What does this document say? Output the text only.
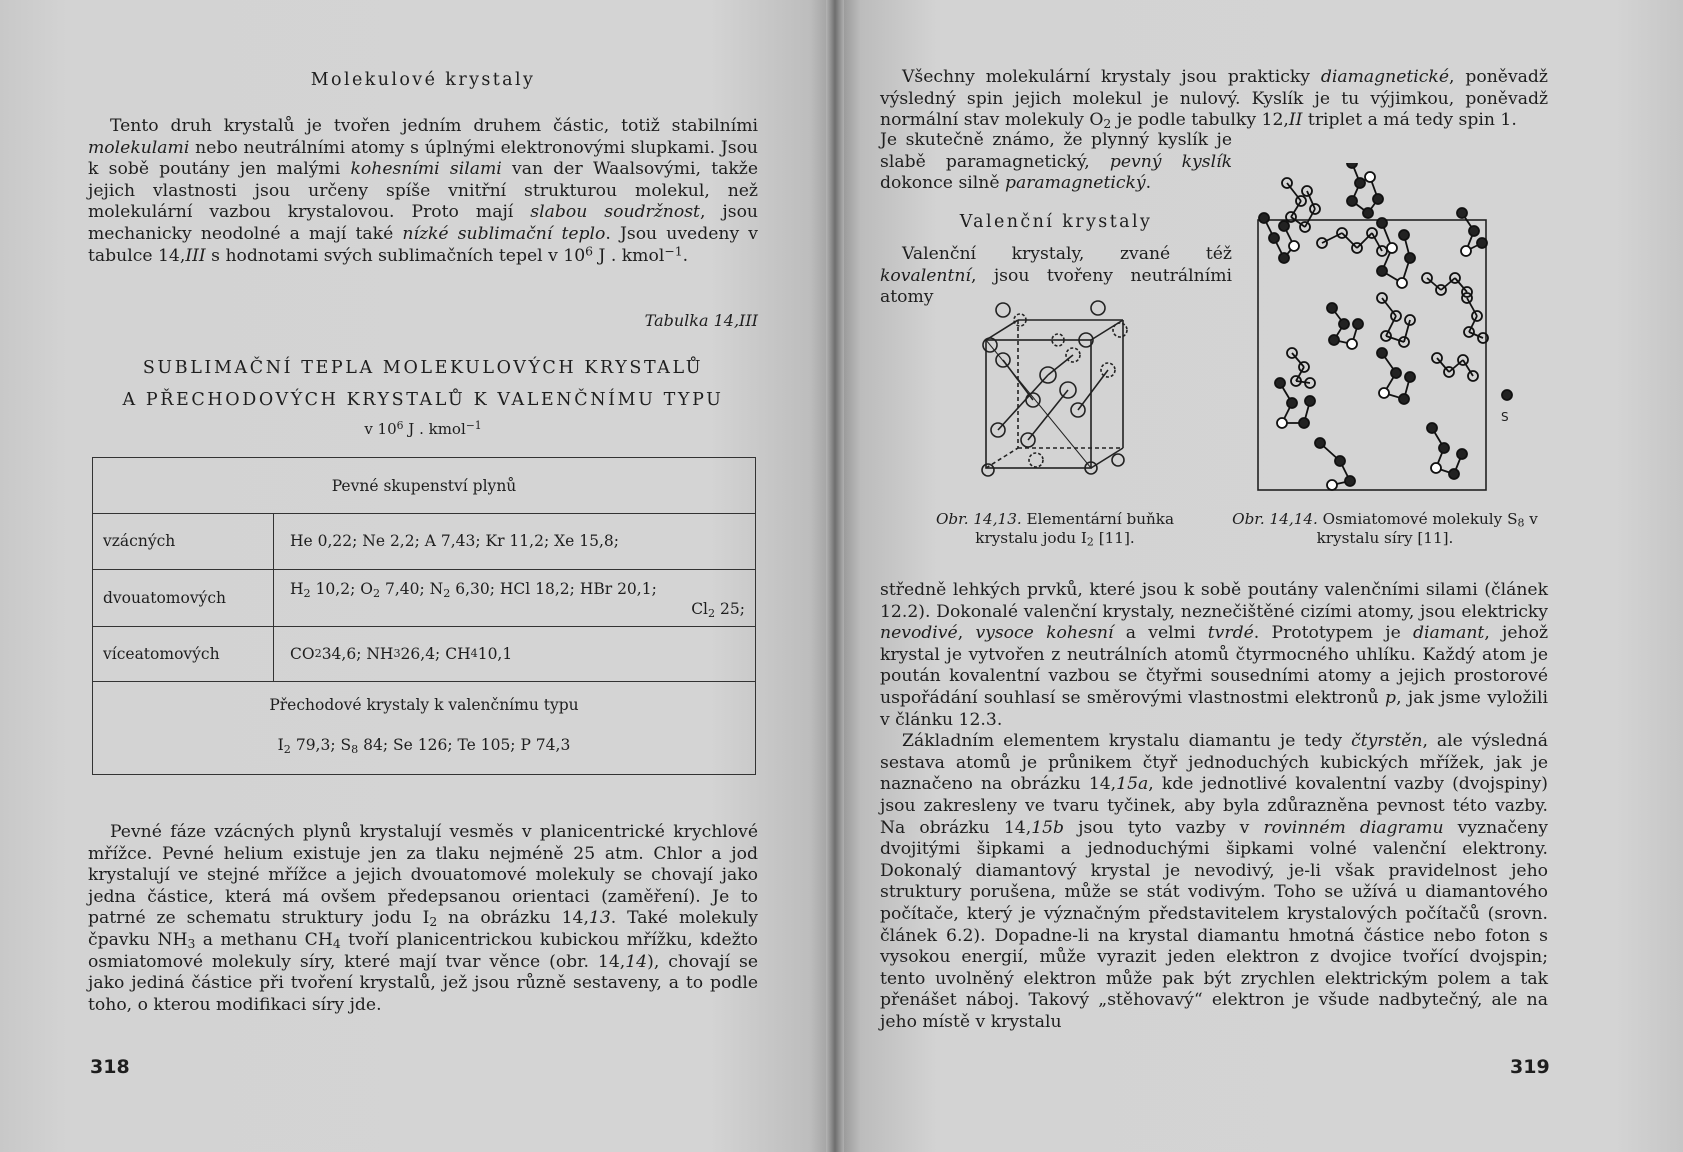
Molekulové krystaly

Tento druh krystalů je tvořen jedním druhem částic, totiž stabilními molekulami nebo neutrálními atomy s úplnými elektronovými slupkami. Jsou k sobě poutány jen malými kohesními silami van der Waalsovými, takže jejich vlastnosti jsou určeny spíše vnitřní strukturou molekul, než molekulární vazbou krystalovou. Proto mají slabou soudržnost, jsou mechanicky neodolné a mají také nízké sublimační teplo. Jsou uvedeny v tabulce 14,III s hodnotami svých sublimačních tepel v $10^6$ J . kmol$^{-1}$.

Tabulka 14,III
SUBLIMAČNÍ TEPLA MOLEKULOVÝCH KRYSTALŮ
A PŘECHODOVÝCH KRYSTALŮ K VALENČNÍMU TYPU
v $10^6$ J . kmol$^{-1}$
Pevné skupenství plynů
vzácných	He 0,22; Ne 2,2; A 7,43; Kr 11,2; Xe 15,8;
dvouatomových	$H_2$ 10,2; $O_2$ 7,40; $N_2$ 6,30; HCl 18,2; HBr 20,1;
$Cl_2$ 25;
víceatomových	CO 2 34,6; NH 3 26,4; CH 4 10,1
Přechodové krystaly k valenčnímu typu
$I_2$ 79,3; $S_8$ 84; Se 126; Te 105; P 74,3

Pevné fáze vzácných plynů krystalují vesměs v planicentrické krychlové mřížce. Pevné helium existuje jen za tlaku nejméně 25 atm. Chlor a jod krystalují ve stejné mřížce a jejich dvouatomové molekuly se chovají jako jedna částice, která má ovšem předepsanou orientaci (zaměření). Je to patrné ze schematu struktury jodu $I_2$ na obrázku 14,13. Také molekuly čpavku $NH_3$ a methanu $CH_4$ tvoří planicentrickou kubickou mřížku, kdežto osmiatomové molekuly síry, které mají tvar věnce (obr. 14,14), chovají se jako jediná částice při tvoření krystalů, jež jsou různě sestaveny, a to podle toho, o kterou modifikaci síry jde.

318

Všechny molekulární krystaly jsou prakticky diamagnetické, poněvadž výsledný spin jejich molekul je nulový. Kyslík je tu výjimkou, poněvadž normální stav molekuly $O_2$ je podle tabulky 12,II triplet a má tedy spin 1.

Je skutečně známo, že plynný kyslík je slabě paramagnetický, pevný kyslík dokonce silně paramagnetický.

Valenční krystaly

Valenční krystaly, zvané též kovalentní, jsou tvořeny neutrálními atomy

S
Obr. 14,13. Elementární buňka krystalu jodu $I_2$ [11].
Obr. 14,14. Osmiatomové molekuly $S_8$ v krystalu síry [11].

středně lehkých prvků, které jsou k sobě poutány valenčními silami (článek 12.2). Dokonalé valenční krystaly, neznečištěné cizími atomy, jsou elektricky nevodivé, vysoce kohesní a velmi tvrdé. Prototypem je diamant, jehož krystal je vytvořen z neutrálních atomů čtyrmocného uhlíku. Každý atom je poután kovalentní vazbou se čtyřmi sousedními atomy a jejich prostorové uspořádání souhlasí se směrovými vlastnostmi elektronů p, jak jsme vyložili v článku 12.3.

Základním elementem krystalu diamantu je tedy čtyrstěn, ale výsledná sestava atomů je průnikem čtyř jednoduchých kubických mřížek, jak je naznačeno na obrázku 14,15a, kde jednotlivé kovalentní vazby (dvojspiny) jsou zakresleny ve tvaru tyčinek, aby byla zdůrazněna pevnost této vazby. Na obrázku 14,15b jsou tyto vazby v rovinném diagramu vyznačeny dvojitými šipkami a jednoduchými šipkami volné valenční elektrony. Dokonalý diamantový krystal je nevodivý, je-li však pravidelnost jeho struktury porušena, může se stát vodivým. Toho se užívá u diamantového počítače, který je význačným představitelem krystalových počítačů (srovn. článek 6.2). Dopadne-li na krystal diamantu hmotná částice nebo foton s vysokou energií, může vyrazit jeden elektron z dvojice tvořící dvojspin; tento uvolněný elektron může pak být zrychlen elektrickým polem a tak přenášet náboj. Takový „stěhovavý“ elektron je všude nadbytečný, ale na jeho místě v krystalu

319
